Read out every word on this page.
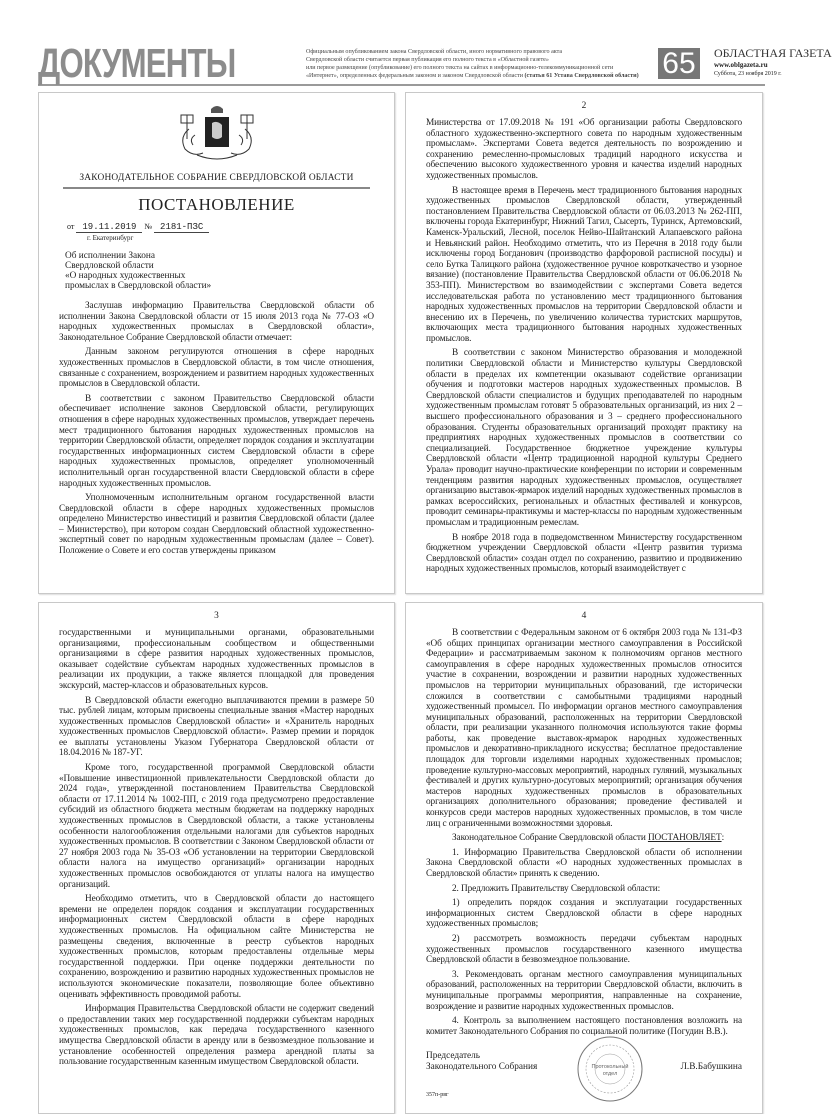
ДОКУМЕНТЫ	Официальным опубликованием закона Свердловской области, иного нормативного правового акта
Свердловской области считается первая публикация его полного текста в «Областной газете»
или первое размещение (опубликование) его полного текста на сайтах в информационно-телекоммуникационной сети
«Интернет», определенных федеральным законом и законом Свердловской области (статья 61 Устава Свердловской области) 65	ОБЛАСТНАЯ ГАЗЕТА
www.oblgazeta.ru
Суббота, 23 ноября 2019 г.
ЗАКОНОДАТЕЛЬНОЕ СОБРАНИЕ СВЕРДЛОВСКОЙ ОБЛАСТИ
ПОСТАНОВЛЕНИЕ
от 19.11.2019 № 2181-ПЗС
г. Екатеринбург
Об исполнении Закона
Свердловской области
«О народных художественных
промыслах в Свердловской области»

Заслушав информацию Правительства Свердловской области об исполнении Закона Свердловской области от 15 июля 2013 года № 77-ОЗ «О народных художественных промыслах в Свердловской области», Законодательное Собрание Свердловской области отмечает:

Данным законом регулируются отношения в сфере народных художественных промыслов в Свердловской области, в том числе отношения, связанные с сохранением, возрождением и развитием народных художественных промыслов в Свердловской области.

В соответствии с законом Правительство Свердловской области обеспечивает исполнение законов Свердловской области, регулирующих отношения в сфере народных художественных промыслов, утверждает перечень мест традиционного бытования народных художественных промыслов на территории Свердловской области, определяет порядок создания и эксплуатации государственных информационных систем Свердловской области в сфере народных художественных промыслов, определяет уполномоченный исполнительный орган государственной власти Свердловской области в сфере народных художественных промыслов.

Уполномоченным исполнительным органом государственной власти Свердловской области в сфере народных художественных промыслов определено Министерство инвестиций и развития Свердловской области (далее – Министерство), при котором создан Свердловский областной художественно-экспертный совет по народным художественным промыслам (далее – Совет). Положение о Совете и его состав утверждены приказом

2

Министерства от 17.09.2018 № 191 «Об организации работы Свердловского областного художественно-экспертного совета по народным художественным промыслам». Экспертами Совета ведется деятельность по возрождению и сохранению ремесленно-промысловых традиций народного искусства и обеспечению высокого художественного уровня и качества изделий народных художественных промыслов.

В настоящее время в Перечень мест традиционного бытования народных художественных промыслов Свердловской области, утвержденный постановлением Правительства Свердловской области от 06.03.2013 № 262-ПП, включены города Екатеринбург, Нижний Тагил, Сысерть, Туринск, Артемовский, Каменск-Уральский, Лесной, поселок Нейво-Шайтанский Алапаевского района и Невьянский район. Необходимо отметить, что из Перечня в 2018 году были исключены город Богданович (производство фарфоровой расписной посуды) и село Бутка Талицкого района (художественное ручное ковроткачество и узорное вязание) (постановление Правительства Свердловской области от 06.06.2018 № 353-ПП). Министерством во взаимодействии с экспертами Совета ведется исследовательская работа по установлению мест традиционного бытования народных художественных промыслов на территории Свердловской области и внесению их в Перечень, по увеличению количества туристских маршрутов, включающих места традиционного бытования народных художественных промыслов.

В соответствии с законом Министерство образования и молодежной политики Свердловской области и Министерство культуры Свердловской области в пределах их компетенции оказывают содействие организации обучения и подготовки мастеров народных художественных промыслов. В Свердловской области специалистов и будущих преподавателей по народным художественным промыслам готовят 5 образовательных организаций, из них 2 – высшего профессионального образования и 3 – среднего профессионального образования. Студенты образовательных организаций проходят практику на предприятиях народных художественных промыслов в соответствии со специализацией. Государственное бюджетное учреждение культуры Свердловской области «Центр традиционной народной культуры Среднего Урала» проводит научно-практические конференции по истории и современным тенденциям развития народных художественных промыслов, осуществляет организацию выставок-ярмарок изделий народных художественных промыслов в рамках всероссийских, региональных и областных фестивалей и конкурсов, проводит семинары-практикумы и мастер-классы по народным художественным промыслам и традиционным ремеслам.

В ноябре 2018 года в подведомственном Министерству государственном бюджетном учреждении Свердловской области «Центр развития туризма Свердловской области» создан отдел по сохранению, развитию и продвижению народных художественных промыслов, который взаимодействует с

3

государственными и муниципальными органами, образовательными организациями, профессиональным сообществом и общественными организациями в сфере развития народных художественных промыслов, оказывает содействие субъектам народных художественных промыслов в реализации их продукции, а также является площадкой для проведения экскурсий, мастер-классов и образовательных курсов.

В Свердловской области ежегодно выплачиваются премии в размере 50 тыс. рублей лицам, которым присвоены специальные звания «Мастер народных художественных промыслов Свердловской области» и «Хранитель народных художественных промыслов Свердловской области». Размер премии и порядок ее выплаты установлены Указом Губернатора Свердловской области от 18.04.2016 № 187-УГ.

Кроме того, государственной программой Свердловской области «Повышение инвестиционной привлекательности Свердловской области до 2024 года», утвержденной постановлением Правительства Свердловской области от 17.11.2014 № 1002-ПП, с 2019 года предусмотрено предоставление субсидий из областного бюджета местным бюджетам на поддержку народных художественных промыслов в Свердловской области, а также установлены особенности налогообложения отдельными налогами для субъектов народных художественных промыслов. В соответствии с Законом Свердловской области от 27 ноября 2003 года № 35-ОЗ «Об установлении на территории Свердловской области налога на имущество организаций» организации народных художественных промыслов освобождаются от уплаты налога на имущество организаций.

Необходимо отметить, что в Свердловской области до настоящего времени не определен порядок создания и эксплуатации государственных информационных систем Свердловской области в сфере народных художественных промыслов. На официальном сайте Министерства не размещены сведения, включенные в реестр субъектов народных художественных промыслов, которым предоставлены отдельные меры государственной поддержки. При оценке поддержки деятельности по сохранению, возрождению и развитию народных художественных промыслов не используются экономические показатели, позволяющие более объективно оценивать эффективность проводимой работы.

Информация Правительства Свердловской области не содержит сведений о предоставлении таких мер государственной поддержки субъектам народных художественных промыслов, как передача государственного казенного имущества Свердловской области в аренду или в безвозмездное пользование и установление особенностей определения размера арендной платы за пользование государственным казенным имуществом Свердловской области.

4

В соответствии с Федеральным законом от 6 октября 2003 года № 131-ФЗ «Об общих принципах организации местного самоуправления в Российской Федерации» и рассматриваемым законом к полномочиям органов местного самоуправления в сфере народных художественных промыслов относится участие в сохранении, возрождении и развитии народных художественных промыслов на территории муниципальных образований, где исторически сложился в соответствии с самобытными традициями народный художественный промысел. По информации органов местного самоуправления муниципальных образований, расположенных на территории Свердловской области, при реализации указанного полномочия используются такие формы работы, как проведение выставок-ярмарок народных художественных промыслов и декоративно-прикладного искусства; бесплатное предоставление площадок для торговли изделиями народных художественных промыслов; проведение культурно-массовых мероприятий, народных гуляний, музыкальных фестивалей и других культурно-досуговых мероприятий; организация обучения мастеров народных художественных промыслов в образовательных организациях дополнительного образования; проведение фестивалей и конкурсов среди мастеров народных художественных промыслов, в том числе лиц с ограниченными возможностями здоровья.

Законодательное Собрание Свердловской области ПОСТАНОВЛЯЕТ:

1. Информацию Правительства Свердловской области об исполнении Закона Свердловской области «О народных художественных промыслах в Свердловской области» принять к сведению.

2. Предложить Правительству Свердловской области:

1) определить порядок создания и эксплуатации государственных информационных систем Свердловской области в сфере народных художественных промыслов;

2) рассмотреть возможность передачи субъектам народных художественных промыслов государственного казенного имущества Свердловской области в безвозмездное пользование.

3. Рекомендовать органам местного самоуправления муниципальных образований, расположенных на территории Свердловской области, включить в муниципальные программы мероприятия, направленные на сохранение, возрождение и развитие народных художественных промыслов.

4. Контроль за выполнением настоящего постановления возложить на комитет Законодательного Собрания по социальной политике (Погудин В.В.).

Председатель
Законодательного Собрания	Л.В.Бабушкина
Протокольный
отдел
357п-рвг
